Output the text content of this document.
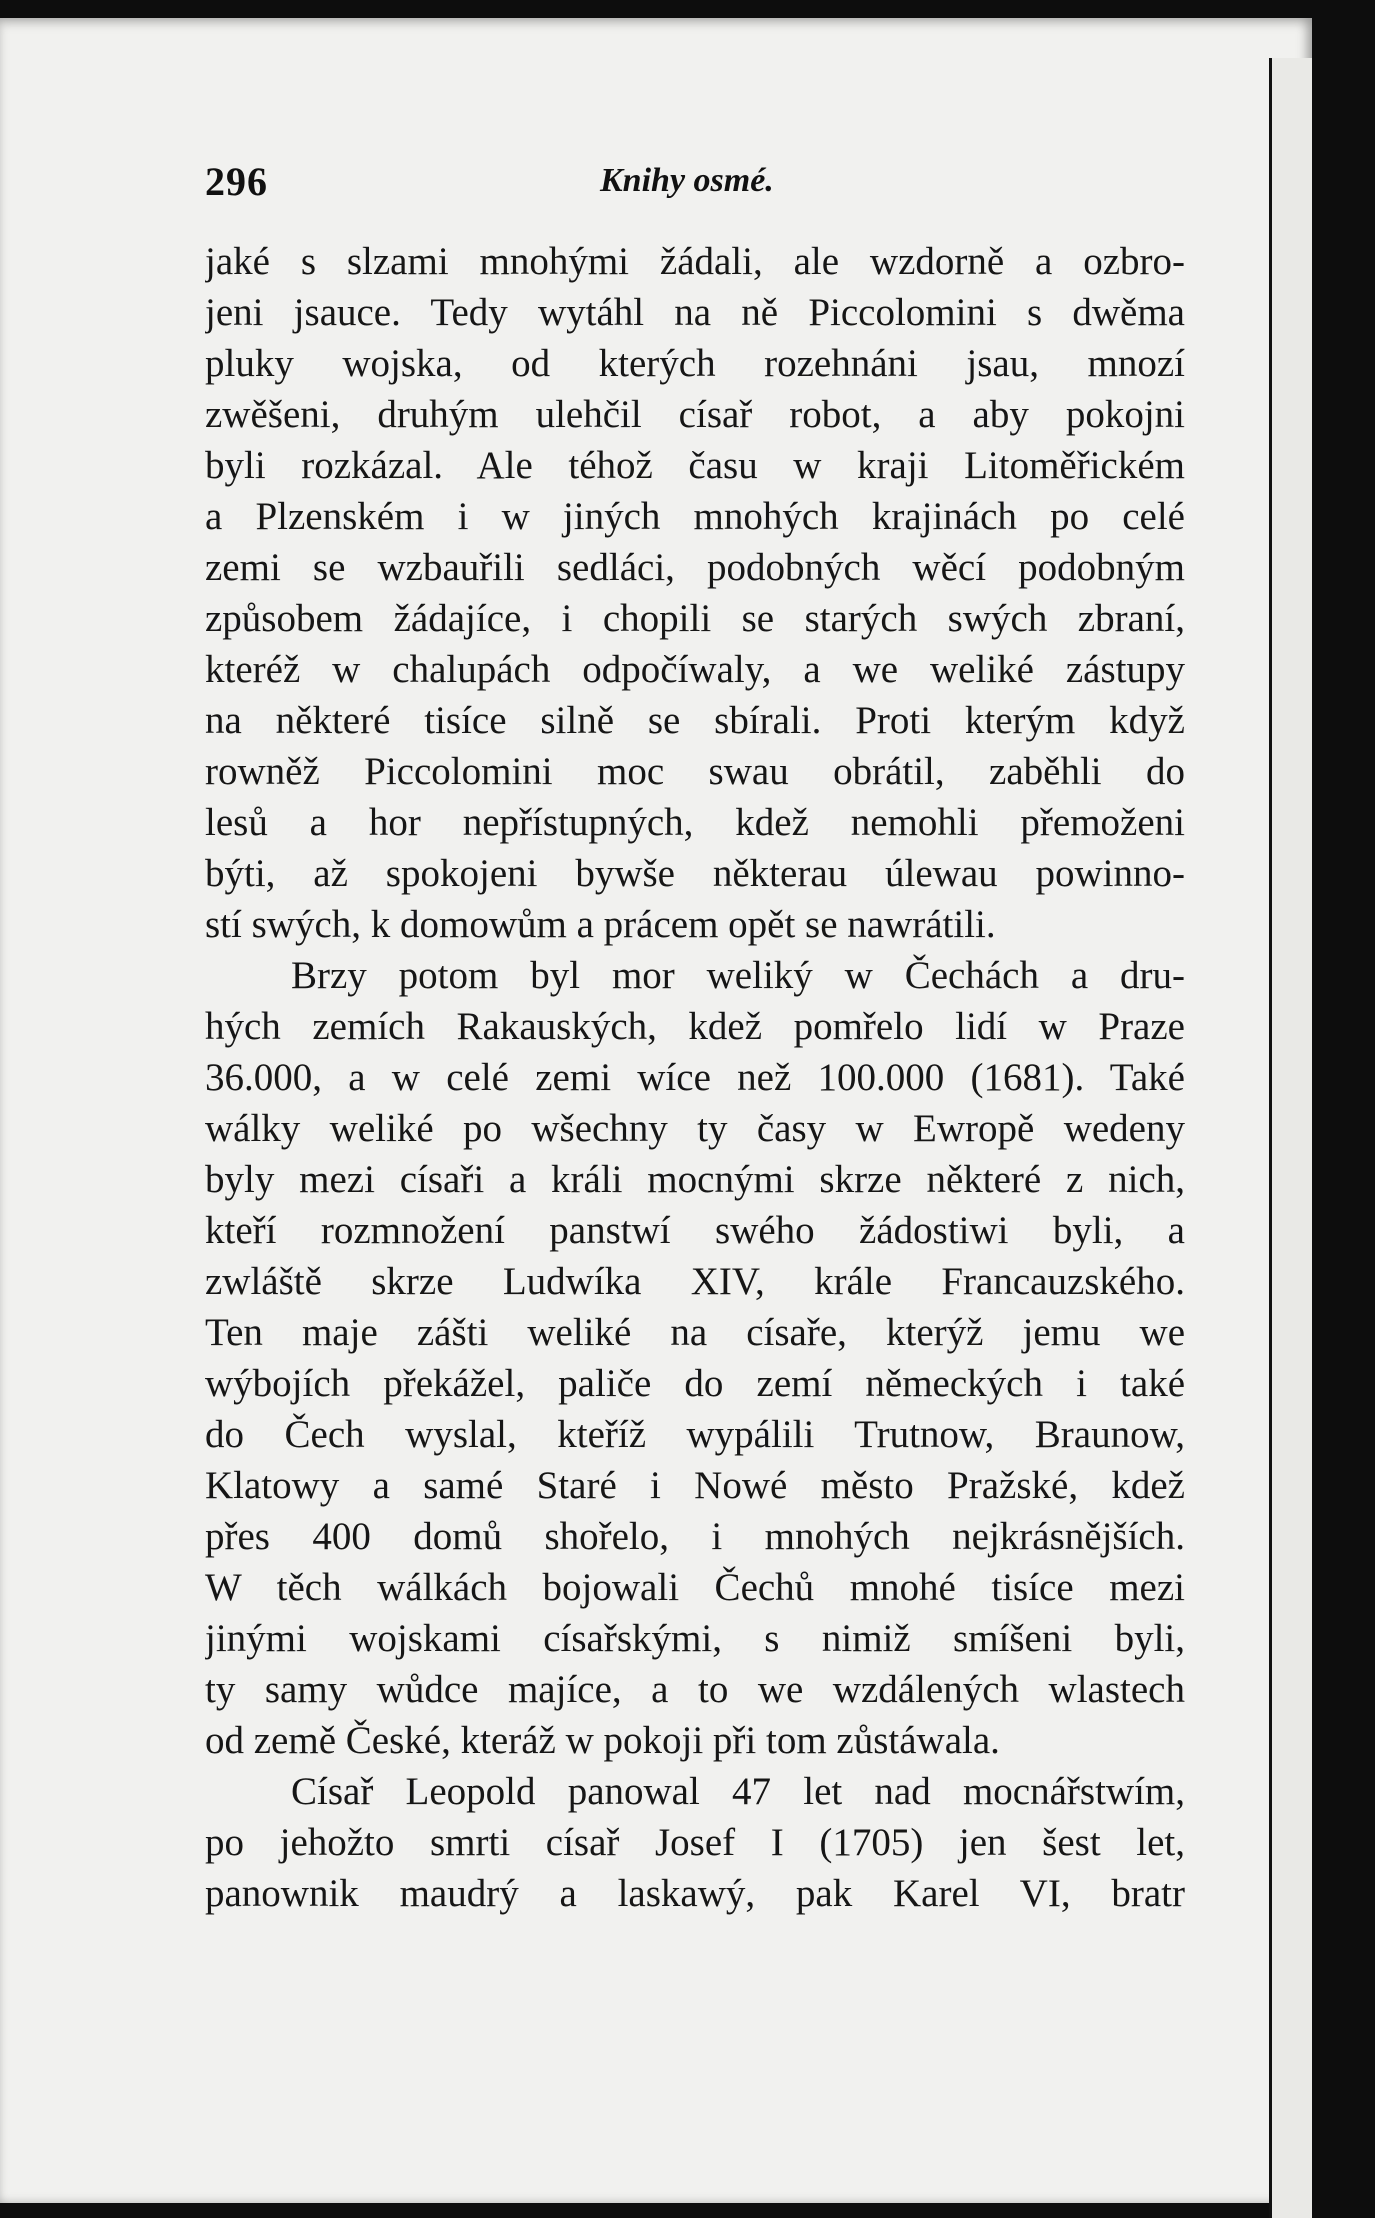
296	Knihy osmé.
jaké s slzami mnohými žádali, ale wzdorně a ozbro-
jeni jsauce. Tedy wytáhl na ně Piccolomini s dwěma
pluky wojska, od kterých rozehnáni jsau, mnozí
zwěšeni, druhým ulehčil císař robot, a aby pokojni
byli rozkázal. Ale téhož času w kraji Litoměřickém
a Plzenském i w jiných mnohých krajinách po celé
zemi se wzbauřili sedláci, podobných wěcí podobným
způsobem žádajíce, i chopili se starých swých zbraní,
kteréž w chalupách odpočíwaly, a we weliké zástupy
na některé tisíce silně se sbírali. Proti kterým když
rowněž Piccolomini moc swau obrátil, zaběhli do
lesů a hor nepřístupných, kdež nemohli přemoženi
býti, až spokojeni bywše některau úlewau powinno-
stí swých, k domowům a prácem opět se nawrátili.
Brzy potom byl mor weliký w Čechách a dru-
hých zemích Rakauských, kdež pomřelo lidí w Praze
36.000, a w celé zemi wíce než 100.000 (1681). Také
wálky weliké po wšechny ty časy w Ewropě wedeny
byly mezi císaři a králi mocnými skrze některé z nich,
kteří rozmnožení panstwí swého žádostiwi byli, a
zwláště skrze Ludwíka XIV, krále Francauzského.
Ten maje zášti weliké na císaře, kterýž jemu we
wýbojích překážel, paliče do zemí německých i také
do Čech wyslal, kteříž wypálili Trutnow, Braunow,
Klatowy a samé Staré i Nowé město Pražské, kdež
přes 400 domů shořelo, i mnohých nejkrásnějších.
W těch wálkách bojowali Čechů mnohé tisíce mezi
jinými wojskami císařskými, s nimiž smíšeni byli,
ty samy wůdce majíce, a to we wzdálených wlastech
od země České, kteráž w pokoji při tom zůstáwala.
Císař Leopold panowal 47 let nad mocnářstwím,
po jehožto smrti císař Josef I (1705) jen šest let,
panownik maudrý a laskawý, pak Karel VI, bratr
